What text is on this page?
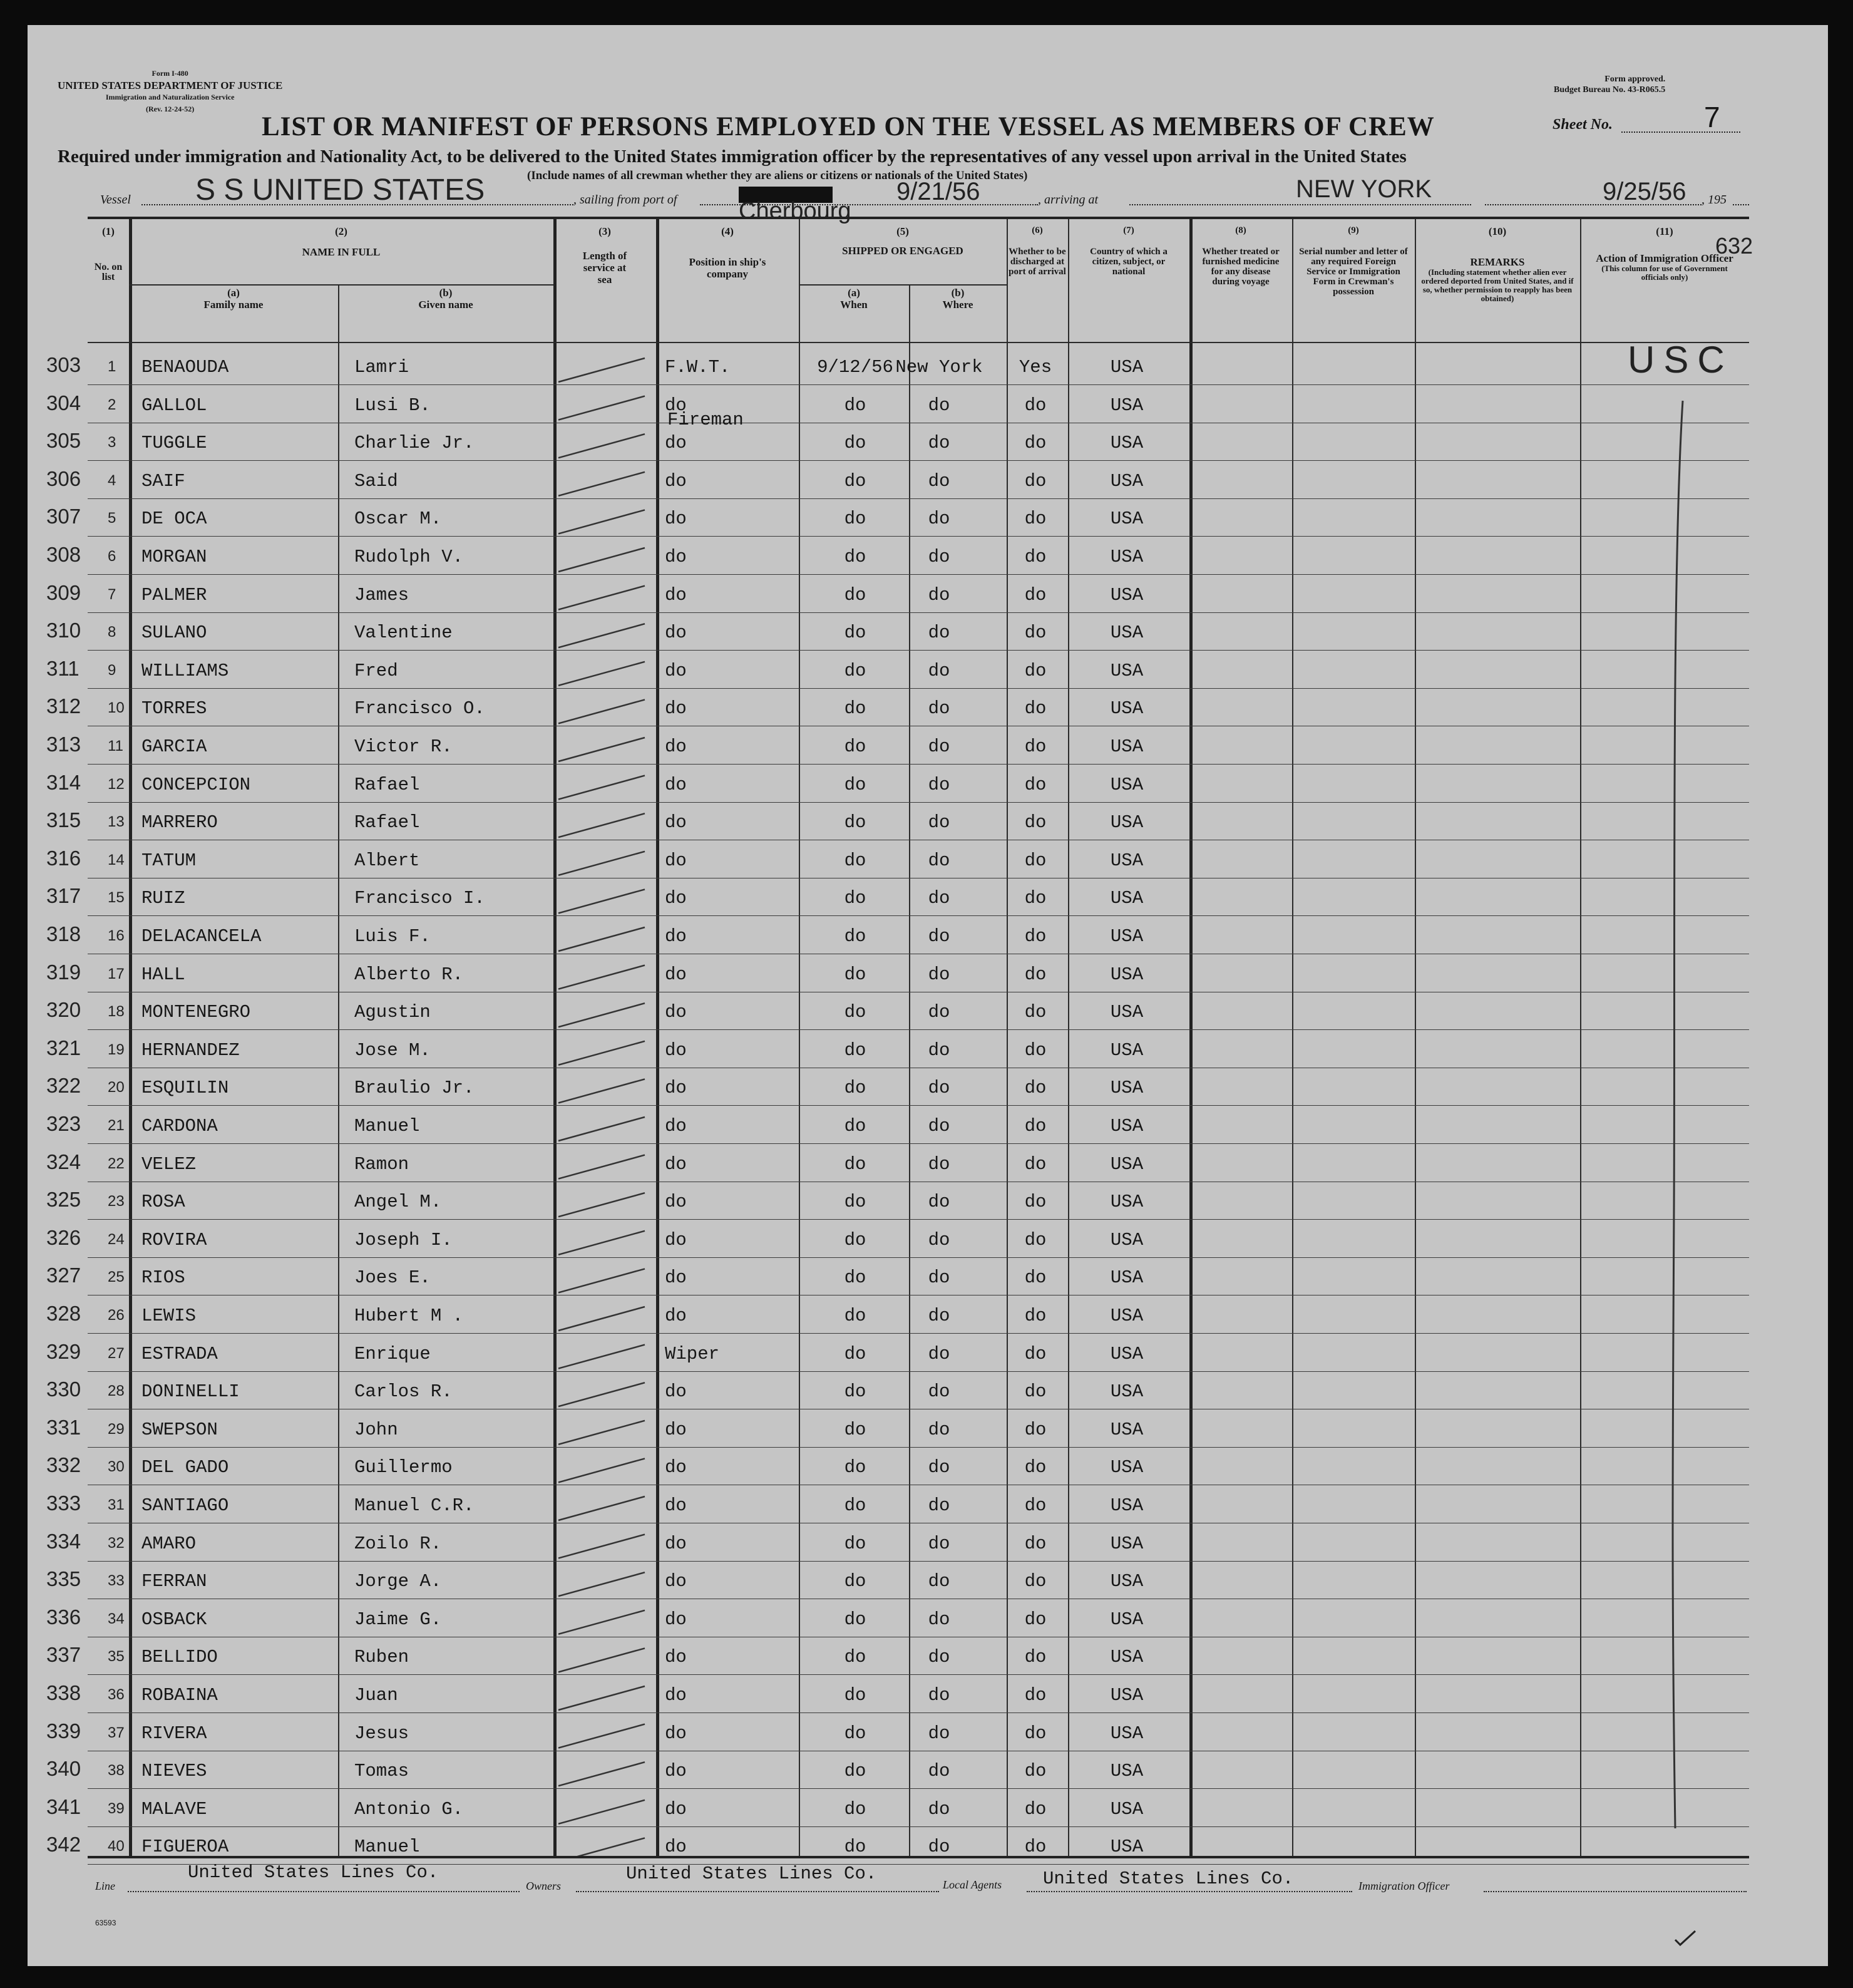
Form I-480
UNITED STATES DEPARTMENT OF JUSTICE
Immigration and Naturalization Service
(Rev. 12-24-52)
Form approved.
Budget Bureau No. 43-R065.5
LIST OR MANIFEST OF PERSONS EMPLOYED ON THE VESSEL AS MEMBERS OF CREW	Sheet No.	7
Required under immigration and Nationality Act, to be delivered to the United States immigration officer by the representatives of any vessel upon arrival in the United States
(Include names of all crewman whether they are aliens or citizens or nationals of the United States)
Vessel S S UNITED STATES	, sailing from port of	Cherbourg
9/21/56	, arriving at	NEW YORK	9/25/56 , 195
(1)
No. on list
(2)
NAME IN FULL
(a)
Family name
(b)
Given name
(3)
Length of service at sea
(4)
Position in ship's company
(5)
SHIPPED OR ENGAGED
(a)
When
(b)
Where
(6)
Whether to be discharged at port of arrival
(7)
Country of which a citizen, subject, or national
(8)
Whether treated or furnished medicine for any disease during voyage
(9)
Serial number and letter of any required Foreign Service or Immigration Form in Crewman's possession
(10)
REMARKS
(Including statement whether alien ever ordered deported from United States, and if so, whether permission to reapply has been obtained)
(11)
Action of Immigration Officer
(This column for use of Government officials only)
632
303 1 BENAOUDA	Lamri	F.W.T.	9/12/56 New York	Yes	USA
304 2 GALLOL	Lusi B.	do	do	do	do	USA
305 3 TUGGLE	Charlie Jr.	do	do	do	do	USA
306 4 SAIF	Said	do	do	do	do	USA
307 5 DE OCA	Oscar M.	do	do	do	do	USA
308 6 MORGAN	Rudolph V.	do	do	do	do	USA
309 7 PALMER	James	do	do	do	do	USA
310 8 SULANO	Valentine	do	do	do	do	USA
311 9 WILLIAMS	Fred	do	do	do	do	USA
312 10 TORRES	Francisco O.	do	do	do	do	USA
313 11 GARCIA	Victor R.	do	do	do	do	USA
314 12 CONCEPCION	Rafael	do	do	do	do	USA
315 13 MARRERO	Rafael	do	do	do	do	USA
316 14 TATUM	Albert	do	do	do	do	USA
317 15 RUIZ	Francisco I.	do	do	do	do	USA
318 16 DELACANCELA	Luis F.	do	do	do	do	USA
319 17 HALL	Alberto R.	do	do	do	do	USA
320 18 MONTENEGRO	Agustin	do	do	do	do	USA
321 19 HERNANDEZ	Jose M.	do	do	do	do	USA
322 20 ESQUILIN	Braulio Jr.	do	do	do	do	USA
323 21 CARDONA	Manuel	do	do	do	do	USA
324 22 VELEZ	Ramon	do	do	do	do	USA
325 23 ROSA	Angel M.	do	do	do	do	USA
326 24 ROVIRA	Joseph I.	do	do	do	do	USA
327 25 RIOS	Joes E.	do	do	do	do	USA
328 26 LEWIS	Hubert M .	do	do	do	do	USA
329 27 ESTRADA	Enrique	Wiper	do	do	do	USA
330 28 DONINELLI	Carlos R.	do	do	do	do	USA
331 29 SWEPSON	John	do	do	do	do	USA
332 30 DEL GADO	Guillermo	do	do	do	do	USA
333 31 SANTIAGO	Manuel C.R.	do	do	do	do	USA
334 32 AMARO	Zoilo R.	do	do	do	do	USA
335 33 FERRAN	Jorge A.	do	do	do	do	USA
336 34 OSBACK	Jaime G.	do	do	do	do	USA
337 35 BELLIDO	Ruben	do	do	do	do	USA
338 36 ROBAINA	Juan	do	do	do	do	USA
339 37 RIVERA	Jesus	do	do	do	do	USA
340 38 NIEVES	Tomas	do	do	do	do	USA
341 39 MALAVE	Antonio G.	do	do	do	do	USA
342 40 FIGUEROA	Manuel	do	do	do	do	USA
Fireman
USC
Line
United States Lines Co.
Owners
United States Lines Co.
Local Agents United States Lines Co.	Immigration Officer
63593
